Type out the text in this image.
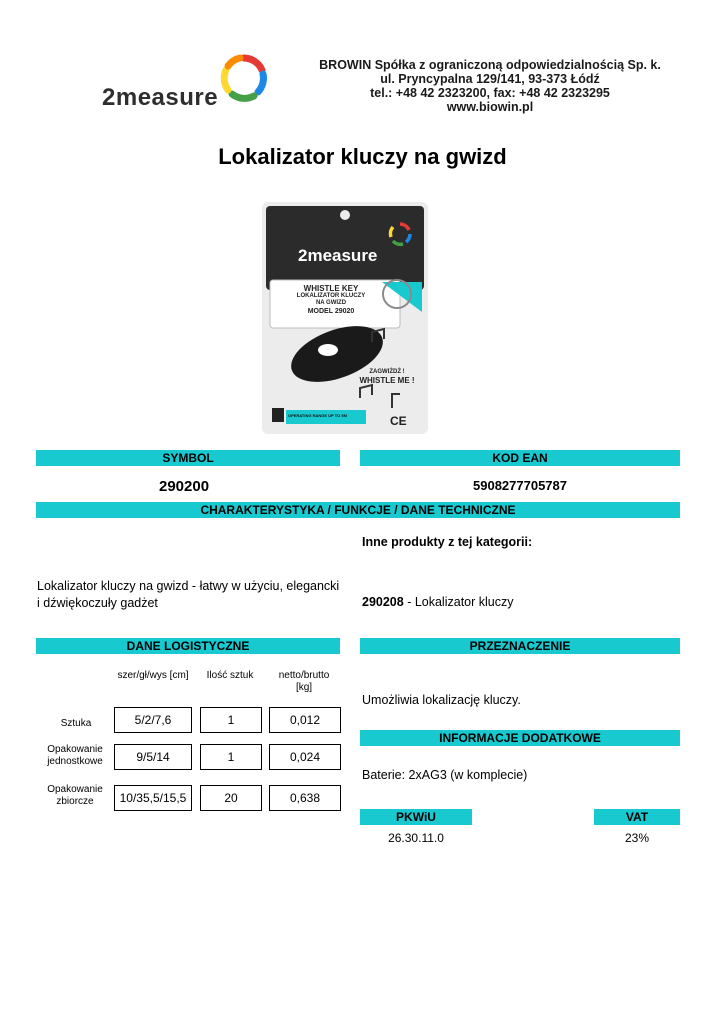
2measure
BROWIN Spółka z ograniczoną odpowiedzialnością Sp. k.
ul. Pryncypalna 129/141, 93-373 Łódź
tel.: +48 42 2323200, fax: +48 42 2323295
www.biowin.pl
Lokalizator kluczy na gwizd
2measure
WHISTLE KEY
LOKALIZATOR KLUCZY
NA GWIZD
MODEL 29020
ZAGWIŻDŻ !
WHISTLE ME !
OPERATING RANGE UP TO 5M	CE
SYMBOL	KOD EAN
290200	5908277705787
CHARAKTERYSTYKA / FUNKCJE / DANE TECHNICZNE
Inne produkty z tej kategorii:
Lokalizator kluczy na gwizd - łatwy w użyciu, elegancki i dźwiękoczuły gadżet	290208 - Lokalizator kluczy
DANE LOGISTYCZNE
szer/gł/wys [cm]	Ilość sztuk	netto/brutto [kg]
Sztuka	5/2/7,6	1	0,012
Opakowanie jednostkowe	9/5/14	1	0,024
Opakowanie zbiorcze	10/35,5/15,5	20	0,638
PRZEZNACZENIE
Umożliwia lokalizację kluczy.
INFORMACJE DODATKOWE
Baterie: 2xAG3 (w komplecie)
PKWiU	VAT
26.30.11.0	23%
